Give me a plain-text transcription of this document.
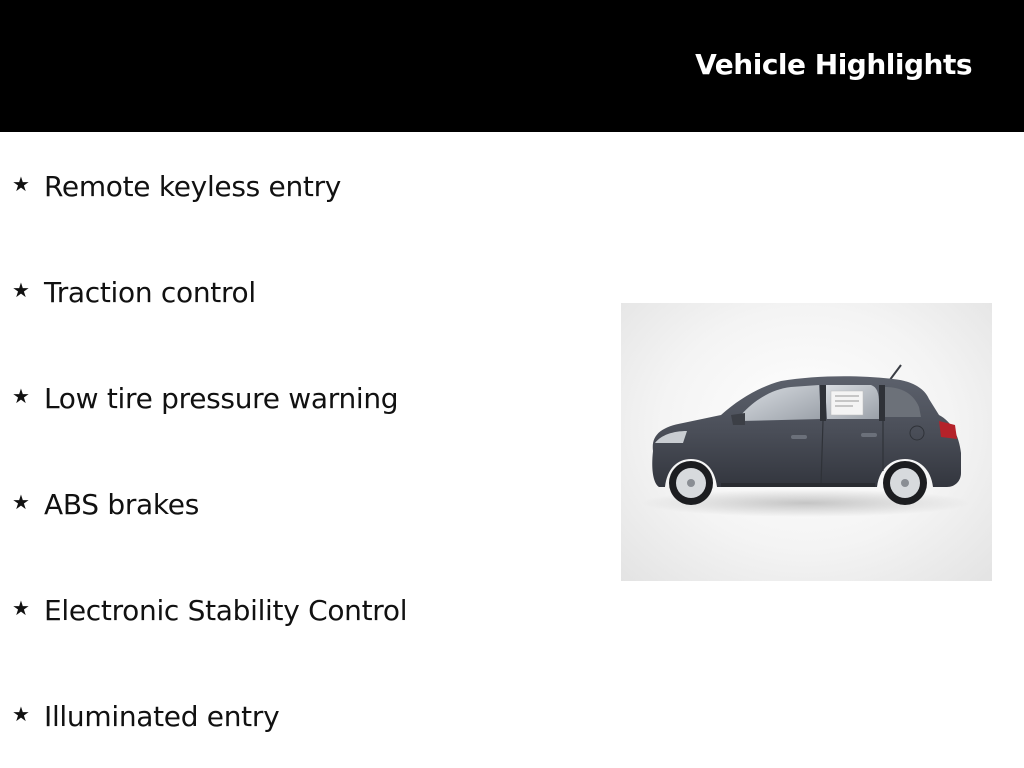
Vehicle Highlights
★ Remote keyless entry
★ Traction control
★ Low tire pressure warning
★ ABS brakes
★ Electronic Stability Control
★ Illuminated entry
